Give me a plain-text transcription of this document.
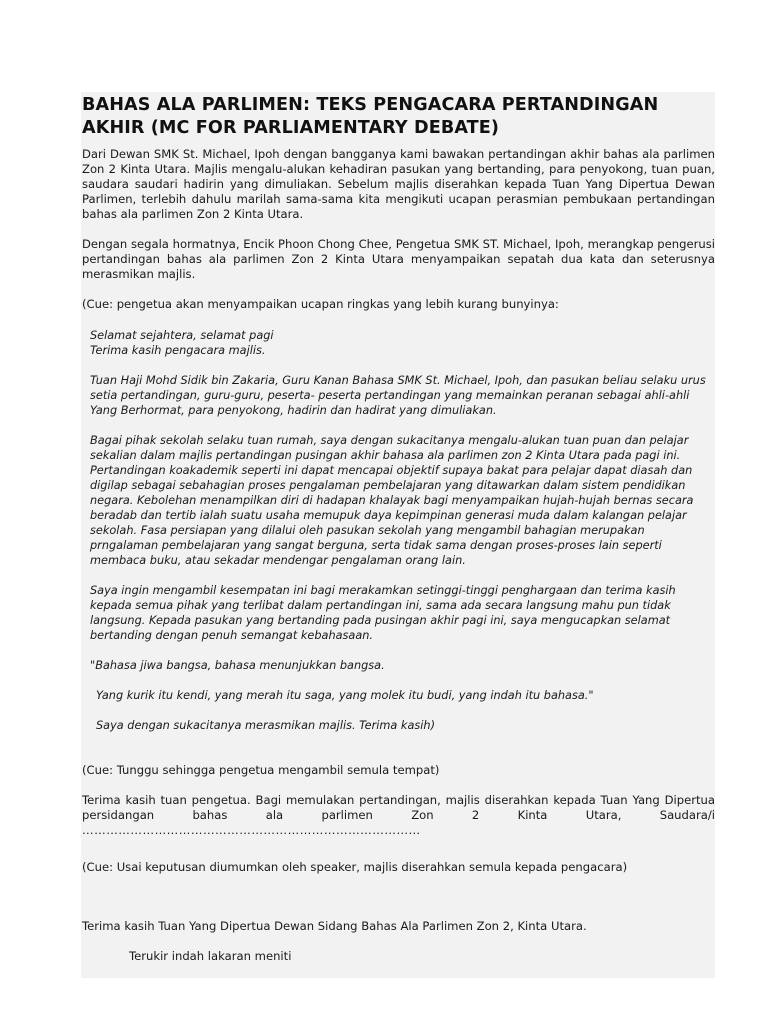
BAHAS ALA PARLIMEN: TEKS PENGACARA PERTANDINGAN AKHIR (MC FOR PARLIAMENTARY DEBATE)
Dari Dewan SMK St. Michael, Ipoh dengan bangganya kami bawakan pertandingan akhir bahas ala parlimen Zon 2 Kinta Utara. Majlis mengalu-alukan kehadiran pasukan yang bertanding, para penyokong, tuan puan, saudara saudari hadirin yang dimuliakan. Sebelum majlis diserahkan kepada Tuan Yang Dipertua Dewan Parlimen, terlebih dahulu marilah sama-sama kita mengikuti ucapan perasmian pembukaan pertandingan bahas ala parlimen Zon 2 Kinta Utara.
Dengan segala hormatnya, Encik Phoon Chong Chee, Pengetua SMK ST. Michael, Ipoh, merangkap pengerusi pertandingan bahas ala parlimen Zon 2 Kinta Utara menyampaikan sepatah dua kata dan seterusnya merasmikan majlis.
(Cue: pengetua akan menyampaikan ucapan ringkas yang lebih kurang bunyinya:
Selamat sejahtera, selamat pagi
Terima kasih pengacara majlis.
Tuan Haji Mohd Sidik bin Zakaria, Guru Kanan Bahasa SMK St. Michael, Ipoh, dan pasukan beliau selaku urus setia pertandingan, guru-guru, peserta- peserta pertandingan yang memainkan peranan sebagai ahli-ahli Yang Berhormat, para penyokong, hadirin dan hadirat yang dimuliakan.
Bagai pihak sekolah selaku tuan rumah, saya dengan sukacitanya mengalu-alukan tuan puan dan pelajar sekalian dalam majlis pertandingan pusingan akhir bahasa ala parlimen zon 2 Kinta Utara pada pagi ini. Pertandingan koakademik seperti ini dapat mencapai objektif supaya bakat para pelajar dapat diasah dan digilap sebagai sebahagian proses pengalaman pembelajaran yang ditawarkan dalam sistem pendidikan negara. Kebolehan menampilkan diri di hadapan khalayak bagi menyampaikan hujah-hujah bernas secara beradab dan tertib ialah suatu usaha memupuk daya kepimpinan generasi muda dalam kalangan pelajar sekolah. Fasa persiapan yang dilalui oleh pasukan sekolah yang mengambil bahagian merupakan prngalaman pembelajaran yang sangat berguna, serta tidak sama dengan proses-proses lain seperti membaca buku, atau sekadar mendengar pengalaman orang lain.
Saya ingin mengambil kesempatan ini bagi merakamkan setinggi-tinggi penghargaan dan terima kasih kepada semua pihak yang terlibat dalam pertandingan ini, sama ada secara langsung mahu pun tidak langsung. Kepada pasukan yang bertanding pada pusingan akhir pagi ini, saya mengucapkan selamat bertanding dengan penuh semangat kebahasaan.
"Bahasa jiwa bangsa, bahasa menunjukkan bangsa.
Yang kurik itu kendi, yang merah itu saga, yang molek itu budi, yang indah itu bahasa."
Saya dengan sukacitanya merasmikan majlis. Terima kasih)
(Cue: Tunggu sehingga pengetua mengambil semula tempat)
Terima kasih tuan pengetua. Bagi memulakan pertandingan, majlis diserahkan kepada Tuan Yang Dipertua persidangan bahas ala parlimen Zon 2 Kinta Utara, Saudara/i
…………………………………………………………………………
(Cue: Usai keputusan diumumkan oleh speaker, majlis diserahkan semula kepada pengacara)
Terima kasih Tuan Yang Dipertua Dewan Sidang Bahas Ala Parlimen Zon 2, Kinta Utara.
Terukir indah lakaran meniti
